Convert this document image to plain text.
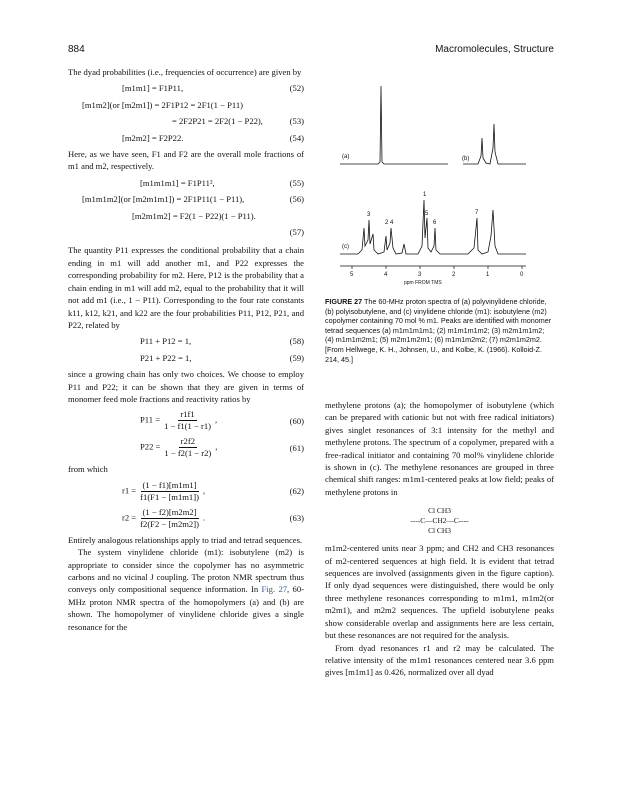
884	Macromolecules, Structure

The dyad probabilities (i.e., frequencies of occurrence) are given by

[m1m1] = F1P11,	(52)
[m1m2](or [m2m1]) = 2F1P12 = 2F1(1 − P11)
= 2F2P21 = 2F2(1 − P22),	(53)
[m2m2] = F2P22.	(54)

Here, as we have seen, F1 and F2 are the overall mole fractions of m1 and m2, respectively.

[m1m1m1] = F1P11²,	(55)
[m1m1m2](or [m2m1m1]) = 2F1P11(1 − P11),	(56)
[m2m1m2] = F2(1 − P22)(1 − P11).
(57)

The quantity P11 expresses the conditional probability that a chain ending in m1 will add another m1, and P22 expresses the corresponding probability for m2. Here, P12 is the probability that a chain ending in m1 will add m2, equal to the probability that it will not add m1 (i.e., 1 − P11). Corresponding to the four rate constants k11, k12, k21, and k22 are the four probabilities P11, P12, P21, and P22, related by

P11 + P12 = 1,	(58)
P21 + P22 = 1,	(59)

since a growing chain has only two choices. We choose to employ P11 and P22; it can be shown that they are given in terms of monomer feed mole fractions and reactivity ratios by

$P11 = \frac{r1f1}{1 - f1(1 - r1)}$ ,	(60)
$P22 = \frac{r2f2}{1 - f2(1 - r2)}$ ,	(61)

from which

$r1 = \frac{(1 - f1)[m1m1]}{f1(F1 - [m1m1])}$ ,	(62)
$r2 = \frac{(1 - f2)[m2m2]}{f2(F2 - [m2m2])}$ .	(63)

Entirely analogous relationships apply to triad and tetrad sequences.

The system vinylidene chloride (m1): isobutylene (m2) is appropriate to consider since the copolymer has no asymmetric carbons and no vicinal J coupling. The proton NMR spectrum thus conveys only compositional sequence information. In Fig. 27, 60-MHz proton NMR spectra of the homopolymers (a) and (b) are shown. The homopolymer of vinylidene chloride gives a single resonance for the

(c)
(b)
(a)
2
3
4
5
6
7
1
5	4	3	2	1	0
ppm FROM TMS
FIGURE 27 The 60-MHz proton spectra of (a) polyvinylidene chloride, (b) polyisobutylene, and (c) vinylidene chloride (m1): isobutylene (m2) copolymer containing 70 mol % m1. Peaks are identified with monomer tetrad sequences (a) m1m1m1m1; (2) m1m1m1m2; (3) m2m1m1m2; (4) m1m1m2m1; (5) m2m1m2m1; (6) m1m1m2m2; (7) m2m1m2m2. [From Hellwege, K. H., Johnsen, U., and Kolbe, K. (1966). Kolloid-Z. 214, 45.]

methylene protons (a); the homopolymer of isobutylene (which can be prepared with cationic but not with free radical initiators) gives singlet resonances of 3:1 intensity for the methyl and methylene protons. The spectrum of a copolymer, prepared with a free-radical initiator and containing 70 mol% vinylidene chloride is shown in (c). The methylene resonances are grouped in three chemical shift ranges: m1m1-centered peaks at low field; peaks of methylene protons in

Cl CH3
----C—CH2—C----
Cl CH3

m1m2-centered units near 3 ppm; and CH2 and CH3 resonances of m2-centered sequences at high field. It is evident that tetrad sequences are involved (assignments given in the figure caption). If only dyad sequences were distinguished, there would be only three methylene resonances corresponding to m1m1, m1m2(or m2m1), and m2m2 sequences. The upfield isobutylene peaks show considerable overlap and assignments here are less certain, but these resonances are not required for the analysis.

From dyad resonances r1 and r2 may be calculated. The relative intensity of the m1m1 resonances centered near 3.6 ppm gives [m1m1] as 0.426, normalized over all dyad
